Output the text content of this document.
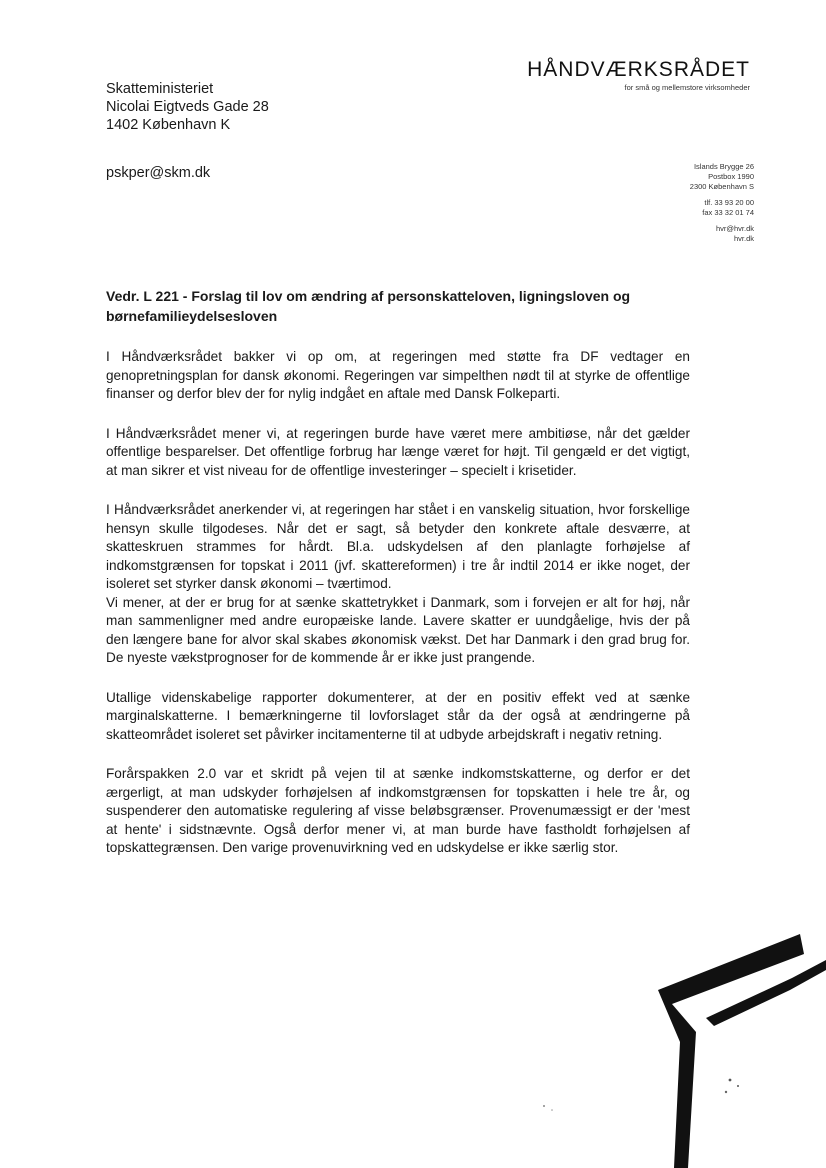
Skatteministeriet
Nicolai Eigtveds Gade 28
1402 København K
pskper@skm.dk
HÅNDVÆRKSRÅDET
for små og mellemstore virksomheder
Islands Brygge 26
Postbox 1990
2300 København S
tlf. 33 93 20 00
fax 33 32 01 74
hvr@hvr.dk
hvr.dk
Vedr. L 221 - Forslag til lov om ændring af personskatteloven, ligningsloven og børnefamilieydelsesloven

I Håndværksrådet bakker vi op om, at regeringen med støtte fra DF vedtager en genopretningsplan for dansk økonomi. Regeringen var simpelthen nødt til at styrke de offentlige finanser og derfor blev der for nylig indgået en aftale med Dansk Folkeparti.

I Håndværksrådet mener vi, at regeringen burde have været mere ambitiøse, når det gælder offentlige besparelser. Det offentlige forbrug har længe været for højt. Til gengæld er det vigtigt, at man sikrer et vist niveau for de offentlige investeringer – specielt i krisetider.

I Håndværksrådet anerkender vi, at regeringen har stået i en vanskelig situation, hvor forskellige hensyn skulle tilgodeses. Når det er sagt, så betyder den konkrete aftale desværre, at skatteskruen strammes for hårdt. Bl.a. udskydelsen af den planlagte forhøjelse af indkomstgrænsen for topskat i 2011 (jvf. skattereformen) i tre år indtil 2014 er ikke noget, der isoleret set styrker dansk økonomi – tværtimod.

Vi mener, at der er brug for at sænke skattetrykket i Danmark, som i forvejen er alt for høj, når man sammenligner med andre europæiske lande. Lavere skatter er uundgåelige, hvis der på den længere bane for alvor skal skabes økonomisk vækst. Det har Danmark i den grad brug for. De nyeste vækstprognoser for de kommende år er ikke just prangende.

Utallige videnskabelige rapporter dokumenterer, at der en positiv effekt ved at sænke marginalskatterne. I bemærkningerne til lovforslaget står da der også at ændringerne på skatteområdet isoleret set påvirker incitamenterne til at udbyde arbejdskraft i negativ retning.

Forårspakken 2.0 var et skridt på vejen til at sænke indkomstskatterne, og derfor er det ærgerligt, at man udskyder forhøjelsen af indkomstgrænsen for topskatten i hele tre år, og suspenderer den automatiske regulering af visse beløbsgrænser. Provenumæssigt er der 'mest at hente' i sidstnævnte. Også derfor mener vi, at man burde have fastholdt forhøjelsen af topskattegrænsen. Den varige provenuvirkning ved en udskydelse er ikke særlig stor.
